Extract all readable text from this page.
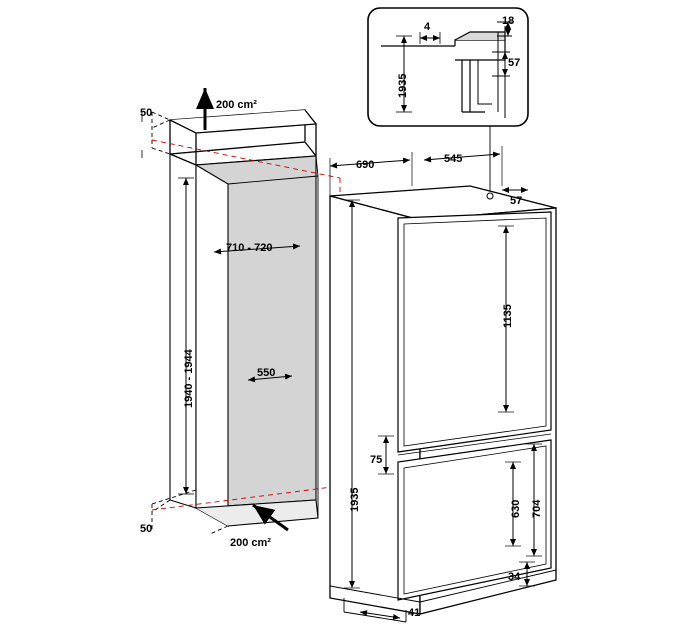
50
200 cm²
710 - 720
550
1940 - 1944
50
200 cm²
690	545
57
1135
75
1935	630 704
34
41
4	18
57
1935
